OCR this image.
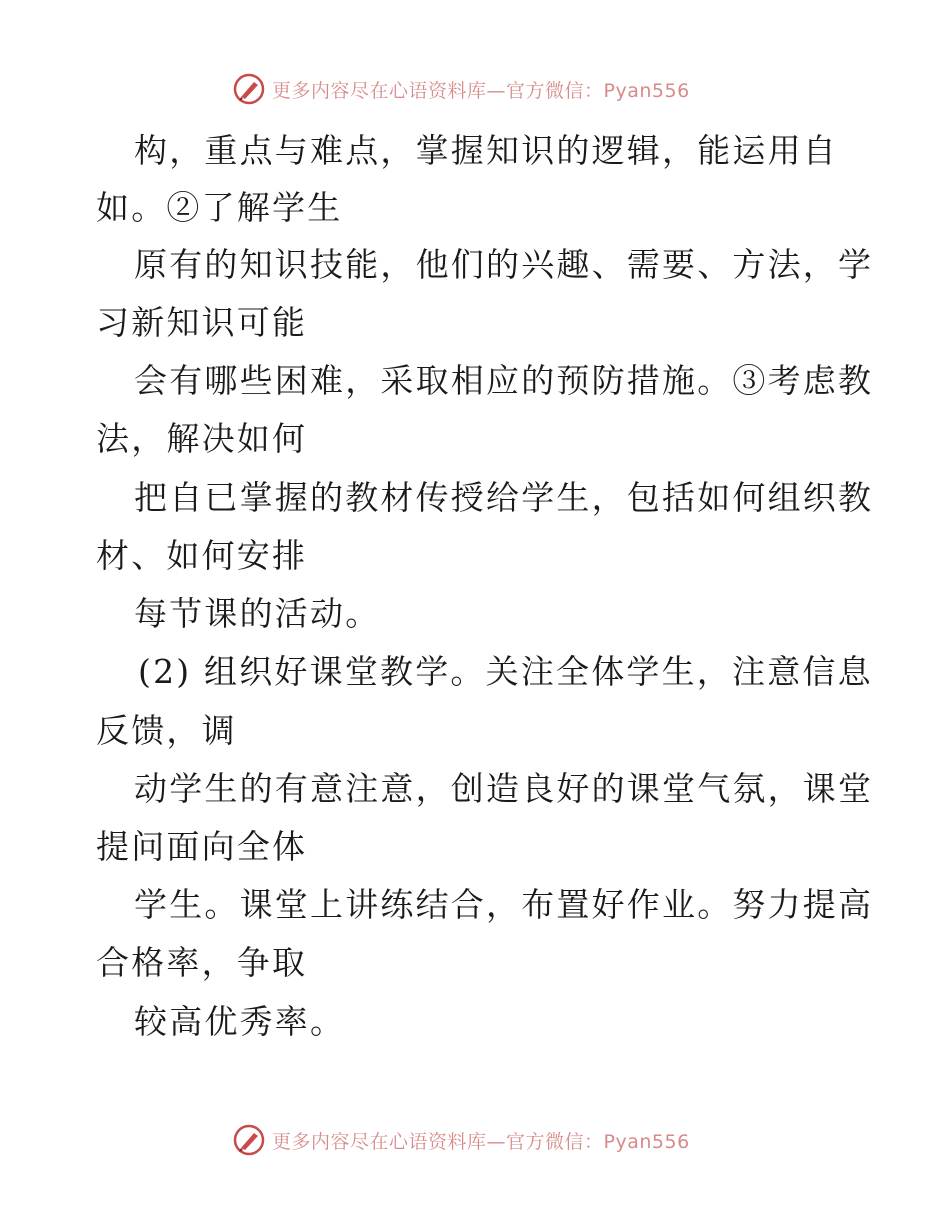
更多内容尽在心语资料库—官方微信：Pyan556
构，重点与难点，掌握知识的逻辑，能运用自
如。②了解学生
原有的知识技能，他们的兴趣、需要、方法，学
习新知识可能
会有哪些困难，采取相应的预防措施。③考虑教
法，解决如何
把自已掌握的教材传授给学生，包括如何组织教
材、如何安排
每节课的活动。
(2) 组织好课堂教学。关注全体学生，注意信息
反馈，调
动学生的有意注意，创造良好的课堂气氛，课堂
提问面向全体
学生。课堂上讲练结合，布置好作业。努力提高
合格率，争取
较高优秀率。
更多内容尽在心语资料库—官方微信：Pyan556
